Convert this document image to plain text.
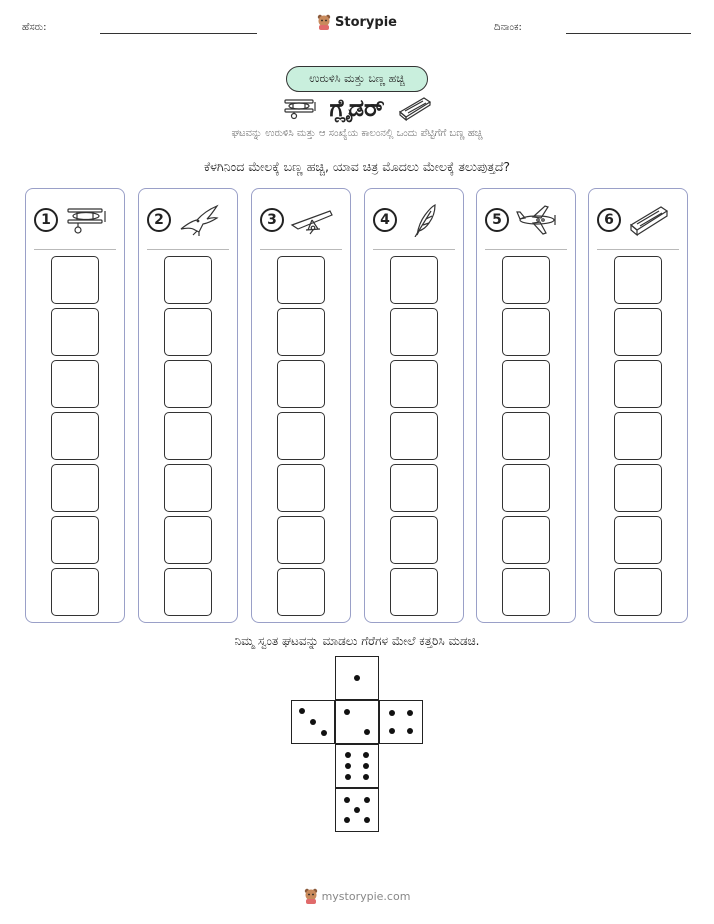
ಹೆಸರು:	Storypie	ದಿನಾಂಕ:
ಉರುಳಿಸಿ ಮತ್ತು ಬಣ್ಣ ಹಚ್ಚಿ
ಗ್ಲೈಡರ್
ಘಟವನ್ನು ಉರುಳಿಸಿ ಮತ್ತು ಆ ಸಂಖ್ಯೆಯ ಕಾಲಂನಲ್ಲಿ ಒಂದು ಪೆಟ್ಟಿಗೆಗೆ ಬಣ್ಣ ಹಚ್ಚಿ
ಕೆಳಗಿನಿಂದ ಮೇಲಕ್ಕೆ ಬಣ್ಣ ಹಚ್ಚಿ, ಯಾವ ಚಿತ್ರ ಮೊದಲು ಮೇಲಕ್ಕೆ ತಲುಪುತ್ತದೆ?
1	2	3	4	5	6
ನಿಮ್ಮ ಸ್ವಂತ ಘಟವನ್ನು ಮಾಡಲು ಗೆರೆಗಳ ಮೇಲೆ ಕತ್ತರಿಸಿ ಮಡಚಿ.
mystorypie.com
